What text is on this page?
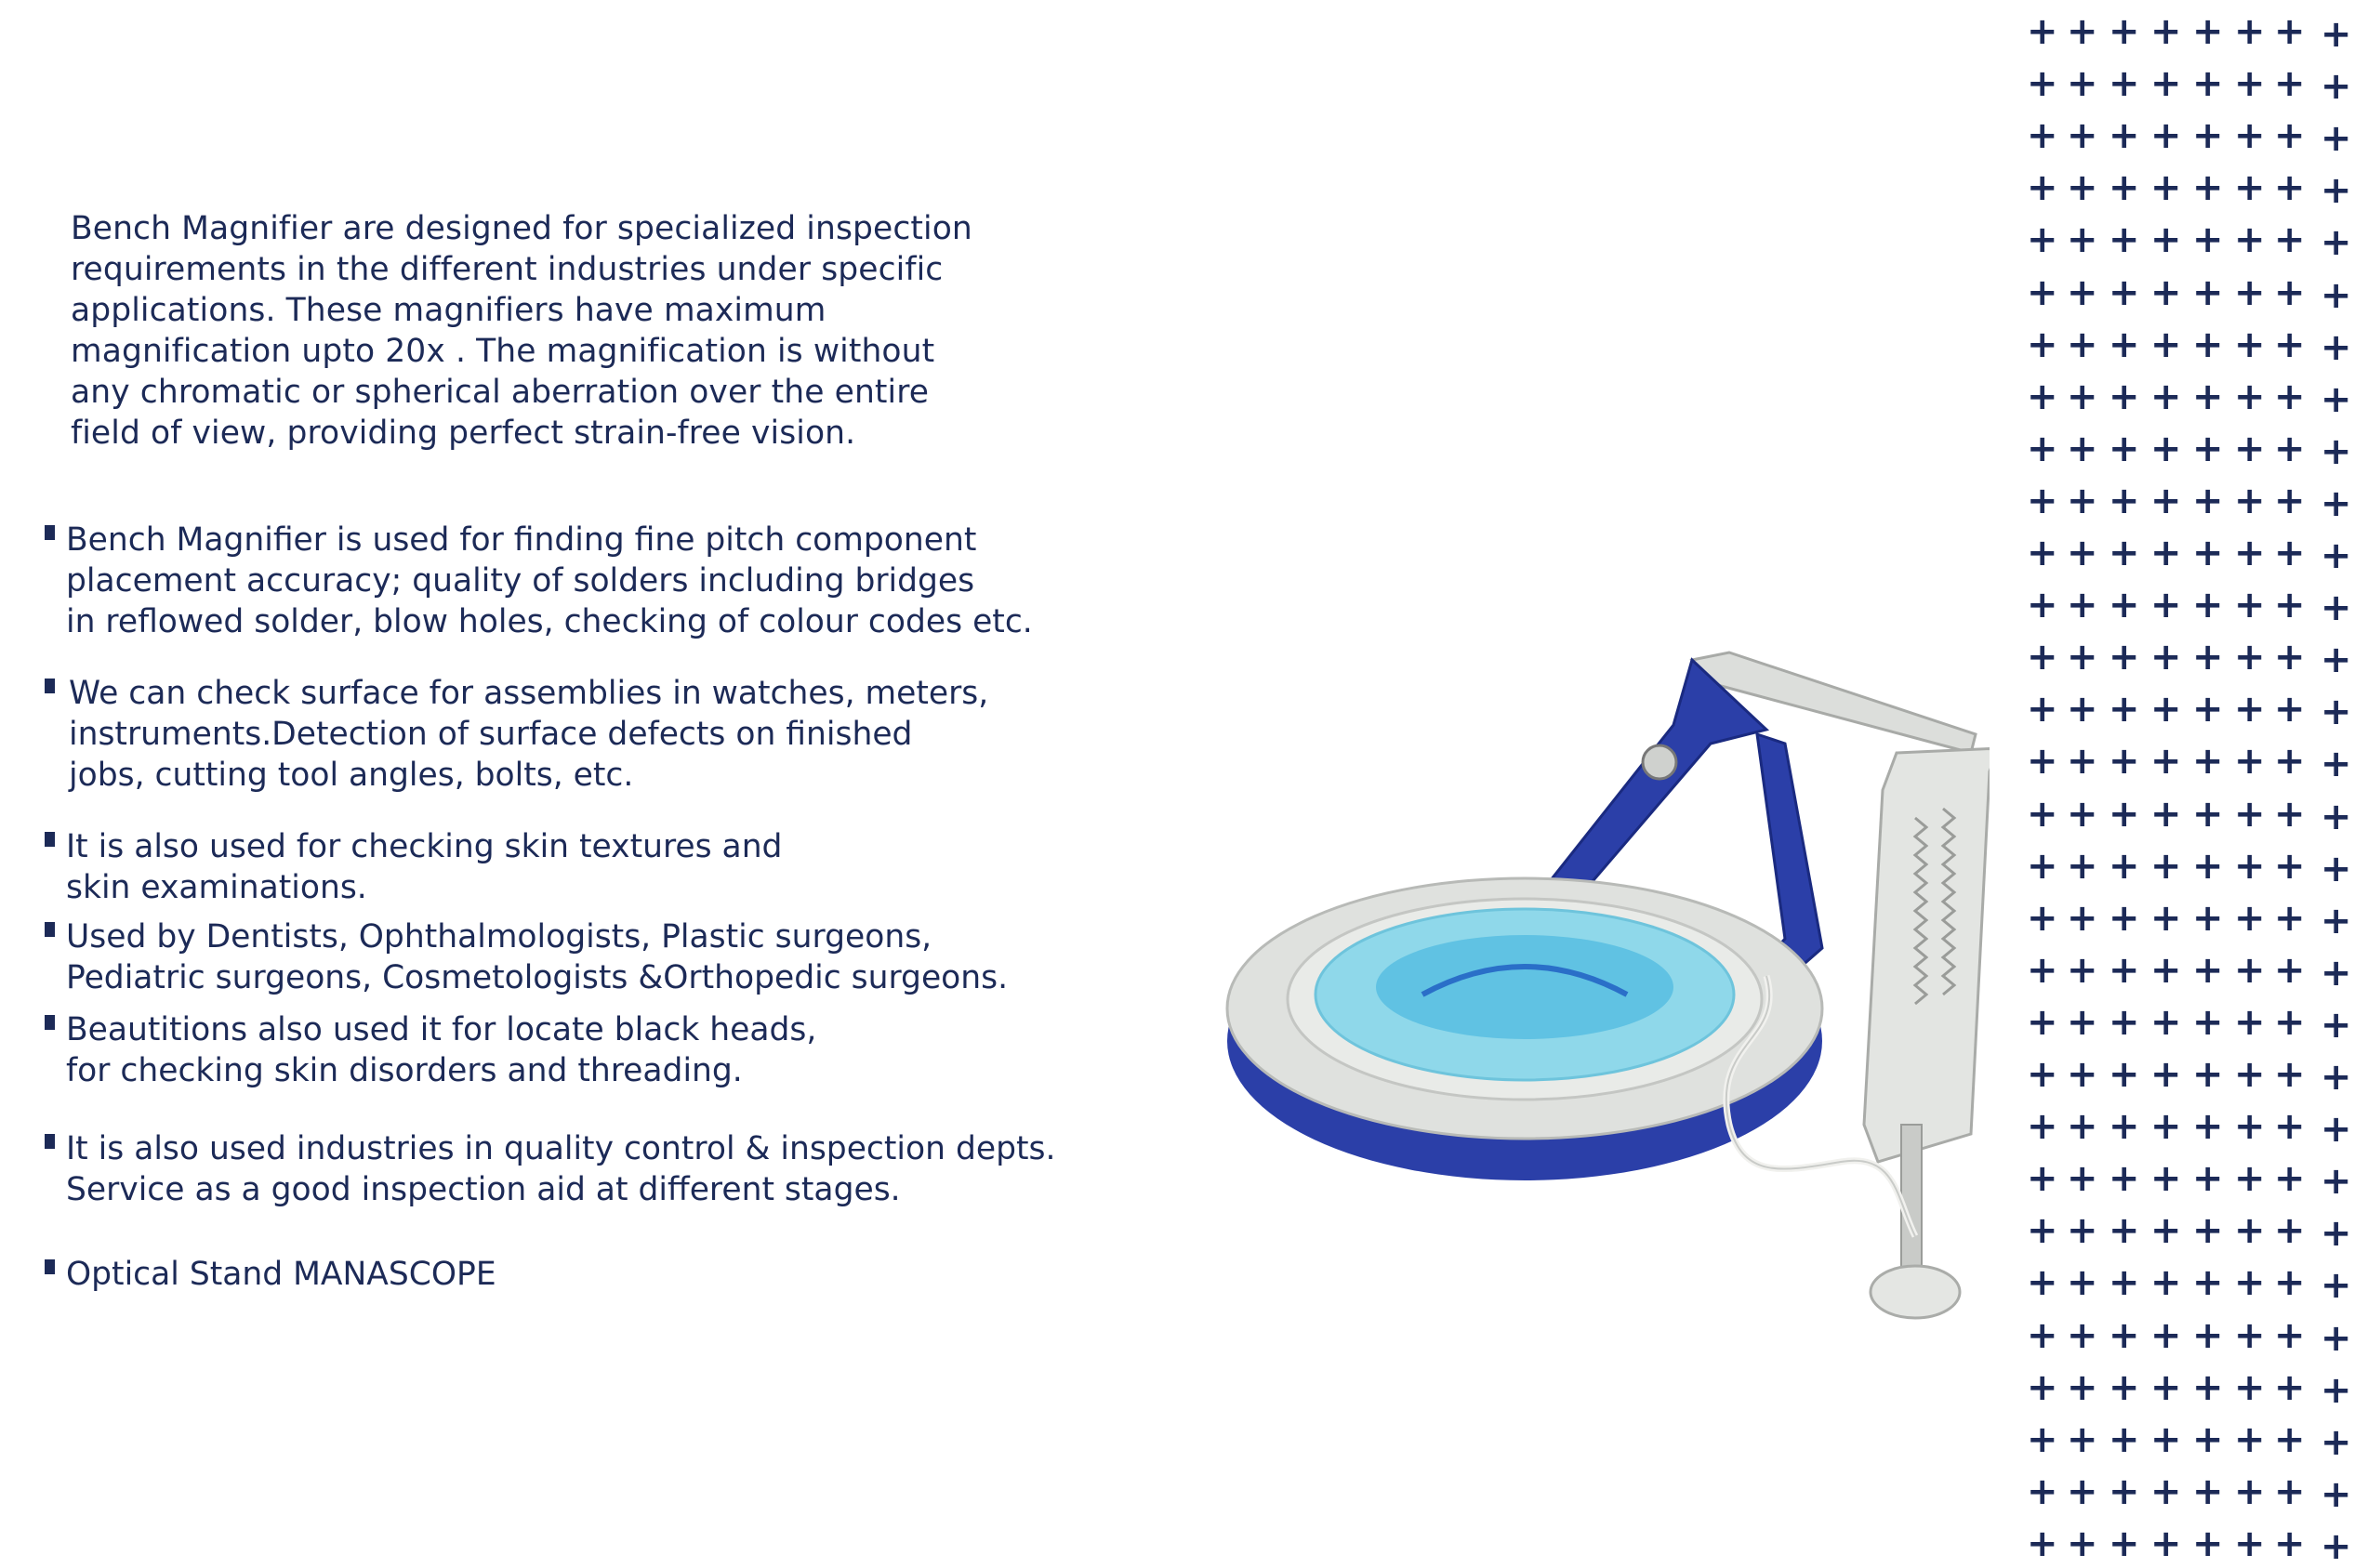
Bench Magnifier are designed for specialized inspection
requirements in the different industries under specific
applications. These magnifiers have maximum
magnification upto 20x . The magnification is without
any chromatic or spherical aberration over the entire
field of view, providing perfect strain-free vision.
Bench Magnifier is used for finding fine pitch component
placement accuracy; quality of solders including bridges
in reflowed solder, blow holes, checking of colour codes etc.
We can check surface for assemblies in watches, meters,
instruments.Detection of surface defects on finished
jobs, cutting tool angles, bolts, etc.
It is also used for checking skin textures and
skin examinations.
Used by Dentists, Ophthalmologists, Plastic surgeons,
Pediatric surgeons, Cosmetologists &Orthopedic surgeons.
Beautitions also used it for locate black heads,
for checking skin disorders and threading.
It is also used industries in quality control & inspection depts.
Service as a good inspection aid at different stages.
Optical Stand MANASCOPE
+ + + + + + + +
+ + + + + + + +
+ + + + + + + +
+ + + + + + + +
+ + + + + + + +
+ + + + + + + +
+ + + + + + + +
+ + + + + + + +
+ + + + + + + +
+ + + + + + + +
+ + + + + + + +
+ + + + + + + +
+ + + + + + + +
+ + + + + + + +
+ + + + + + + +
+ + + + + + + +
+ + + + + + + +
+ + + + + + + +
+ + + + + + + +
+ + + + + + + +
+ + + + + + + +
+ + + + + + + +
+ + + + + + + +
+ + + + + + + +
+ + + + + + + +
+ + + + + + + +
+ + + + + + + +
+ + + + + + + +
+ + + + + + + +
+ + + + + + + +
